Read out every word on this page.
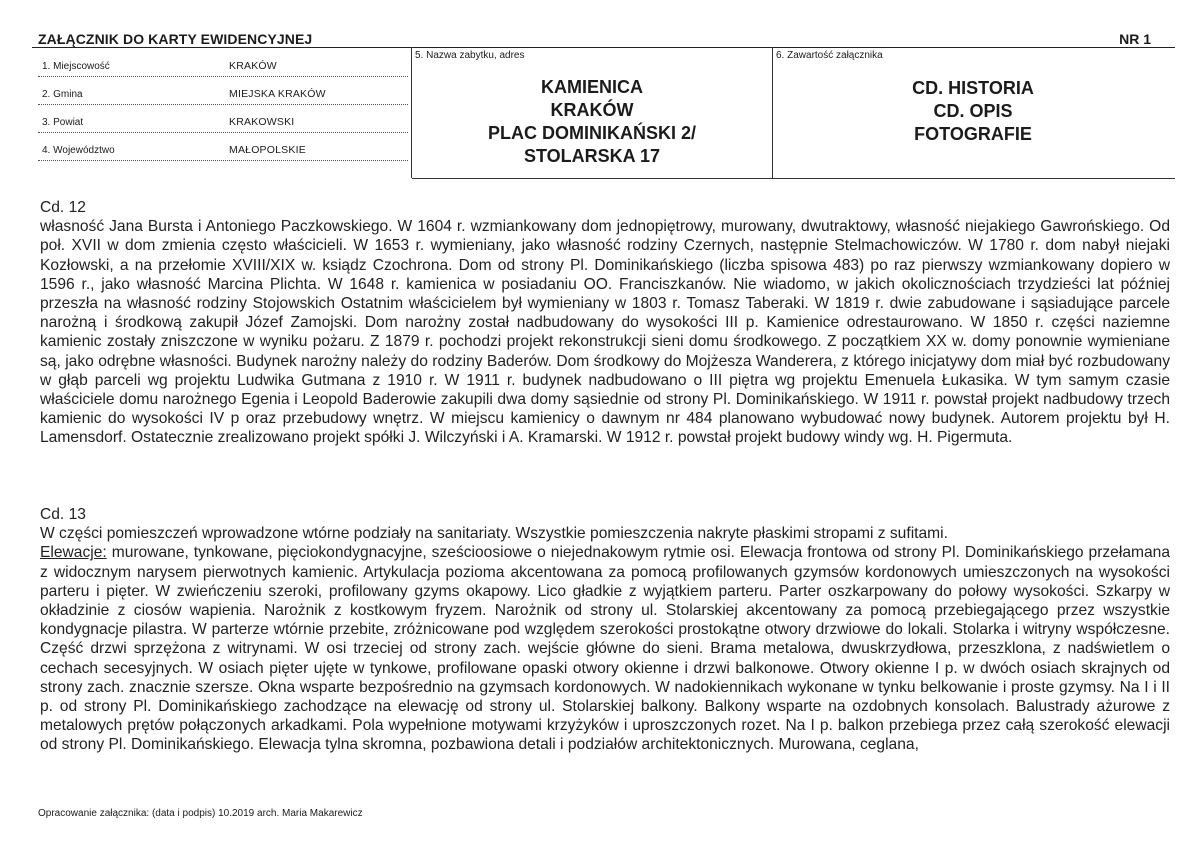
ZAŁĄCZNIK DO KARTY EWIDENCYJNEJ	NR 1
1. Miejscowość	KRAKÓW
2. Gmina	MIEJSKA KRAKÓW
3. Powiat	KRAKOWSKI
4. Województwo	MAŁOPOLSKIE
5. Nazwa zabytku, adres
KAMIENICA
KRAKÓW
PLAC DOMINIKAŃSKI 2/
STOLARSKA 17
6. Zawartość załącznika
CD. HISTORIA
CD. OPIS
FOTOGRAFIE
Cd. 12

własność Jana Bursta i Antoniego Paczkowskiego. W 1604 r. wzmiankowany dom jednopiętrowy, murowany, dwutraktowy, własność niejakiego Gawrońskiego. Od poł. XVII w dom zmienia często właścicieli. W 1653 r. wymieniany, jako własność rodziny Czernych, następnie Stelmachowiczów. W 1780 r. dom nabył niejaki Kozłowski, a na przełomie XVIII/XIX w. ksiądz Czochrona. Dom od strony Pl. Dominikańskiego (liczba spisowa 483) po raz pierwszy wzmiankowany dopiero w 1596 r., jako własność Marcina Plichta. W 1648 r. kamienica w posiadaniu OO. Franciszkanów. Nie wiadomo, w jakich okolicznościach trzydzieści lat później przeszła na własność rodziny Stojowskich Ostatnim właścicielem był wymieniany w 1803 r. Tomasz Taberaki. W 1819 r. dwie zabudowane i sąsiadujące parcele narożną i środkową zakupił Józef Zamojski. Dom narożny został nadbudowany do wysokości III p. Kamienice odrestaurowano. W 1850 r. części naziemne kamienic zostały zniszczone w wyniku pożaru. Z 1879 r. pochodzi projekt rekonstrukcji sieni domu środkowego. Z początkiem XX w. domy ponownie wymieniane są, jako odrębne własności. Budynek narożny należy do rodziny Baderów. Dom środkowy do Mojżesza Wanderera, z którego inicjatywy dom miał być rozbudowany w głąb parceli wg projektu Ludwika Gutmana z 1910 r. W 1911 r. budynek nadbudowano o III piętra wg projektu Emenuela Łukasika. W tym samym czasie właściciele domu narożnego Egenia i Leopold Baderowie zakupili dwa domy sąsiednie od strony Pl. Dominikańskiego. W 1911 r. powstał projekt nadbudowy trzech kamienic do wysokości IV p oraz przebudowy wnętrz. W miejscu kamienicy o dawnym nr 484 planowano wybudować nowy budynek. Autorem projektu był H. Lamensdorf. Ostatecznie zrealizowano projekt spółki J. Wilczyński i A. Kramarski. W 1912 r. powstał projekt budowy windy wg. H. Pigermuta.

Cd. 13

W części pomieszczeń wprowadzone wtórne podziały na sanitariaty. Wszystkie pomieszczenia nakryte płaskimi stropami z sufitami.

Elewacje: murowane, tynkowane, pięciokondygnacyjne, sześcioosiowe o niejednakowym rytmie osi. Elewacja frontowa od strony Pl. Dominikańskiego przełamana z widocznym narysem pierwotnych kamienic. Artykulacja pozioma akcentowana za pomocą profilowanych gzymsów kordonowych umieszczonych na wysokości parteru i pięter. W zwieńczeniu szeroki, profilowany gzyms okapowy. Lico gładkie z wyjątkiem parteru. Parter oszkarpowany do połowy wysokości. Szkarpy w okładzinie z ciosów wapienia. Narożnik z kostkowym fryzem. Narożnik od strony ul. Stolarskiej akcentowany za pomocą przebiegającego przez wszystkie kondygnacje pilastra. W parterze wtórnie przebite, zróżnicowane pod względem szerokości prostokątne otwory drzwiowe do lokali. Stolarka i witryny współczesne. Część drzwi sprzężona z witrynami. W osi trzeciej od strony zach. wejście główne do sieni. Brama metalowa, dwuskrzydłowa, przeszklona, z nadświetlem o cechach secesyjnych. W osiach pięter ujęte w tynkowe, profilowane opaski otwory okienne i drzwi balkonowe. Otwory okienne I p. w dwóch osiach skrajnych od strony zach. znacznie szersze. Okna wsparte bezpośrednio na gzymsach kordonowych. W nadokiennikach wykonane w tynku belkowanie i proste gzymsy. Na I i II p. od strony Pl. Dominikańskiego zachodzące na elewację od strony ul. Stolarskiej balkony. Balkony wsparte na ozdobnych konsolach. Balustrady ażurowe z metalowych prętów połączonych arkadkami. Pola wypełnione motywami krzyżyków i uproszczonych rozet. Na I p. balkon przebiega przez całą szerokość elewacji od strony Pl. Dominikańskiego. Elewacja tylna skromna, pozbawiona detali i podziałów architektonicznych. Murowana, ceglana,

Opracowanie załącznika: (data i podpis) 10.2019 arch. Maria Makarewicz
